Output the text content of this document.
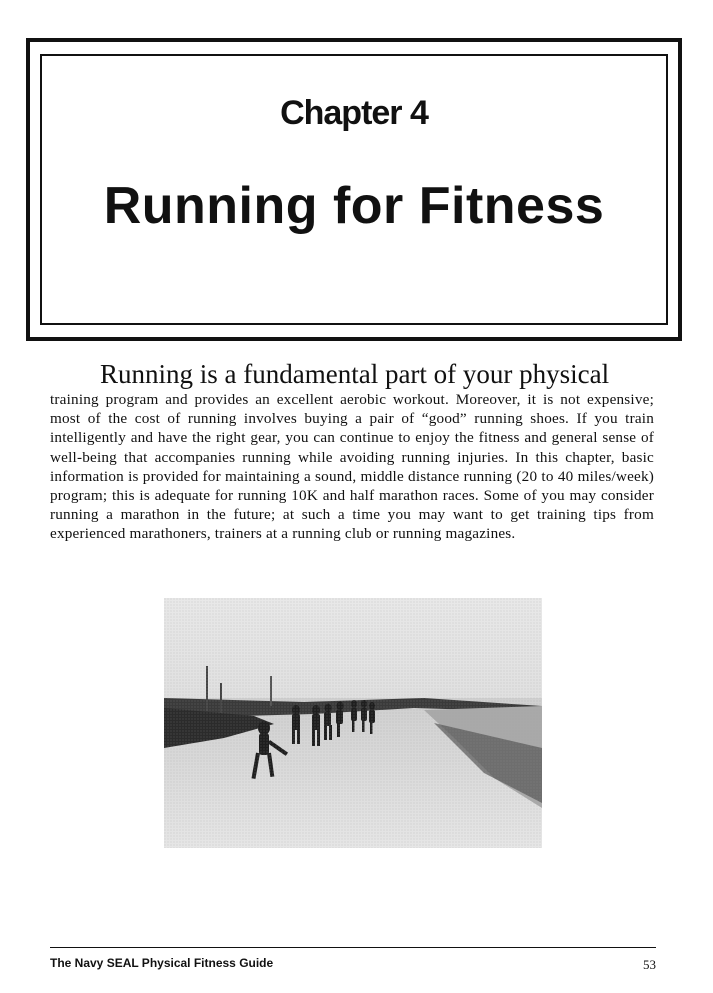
Chapter 4
Running for Fitness
Running is a fundamental part of your physical
training program and provides an excellent aerobic workout. Moreover, it is not expensive; most of the cost of running involves buying a pair of “good” running shoes. If you train intelligently and have the right gear, you can continue to enjoy the fitness and general sense of well-being that accompanies running while avoiding running injuries. In this chapter, basic information is provided for maintaining a sound, middle distance running (20 to 40 miles/week) program; this is adequate for running 10K and half marathon races. Some of you may consider running a marathon in the future; at such a time you may want to get training tips from experienced marathoners, trainers at a running club or running magazines.
The Navy SEAL Physical Fitness Guide	53
